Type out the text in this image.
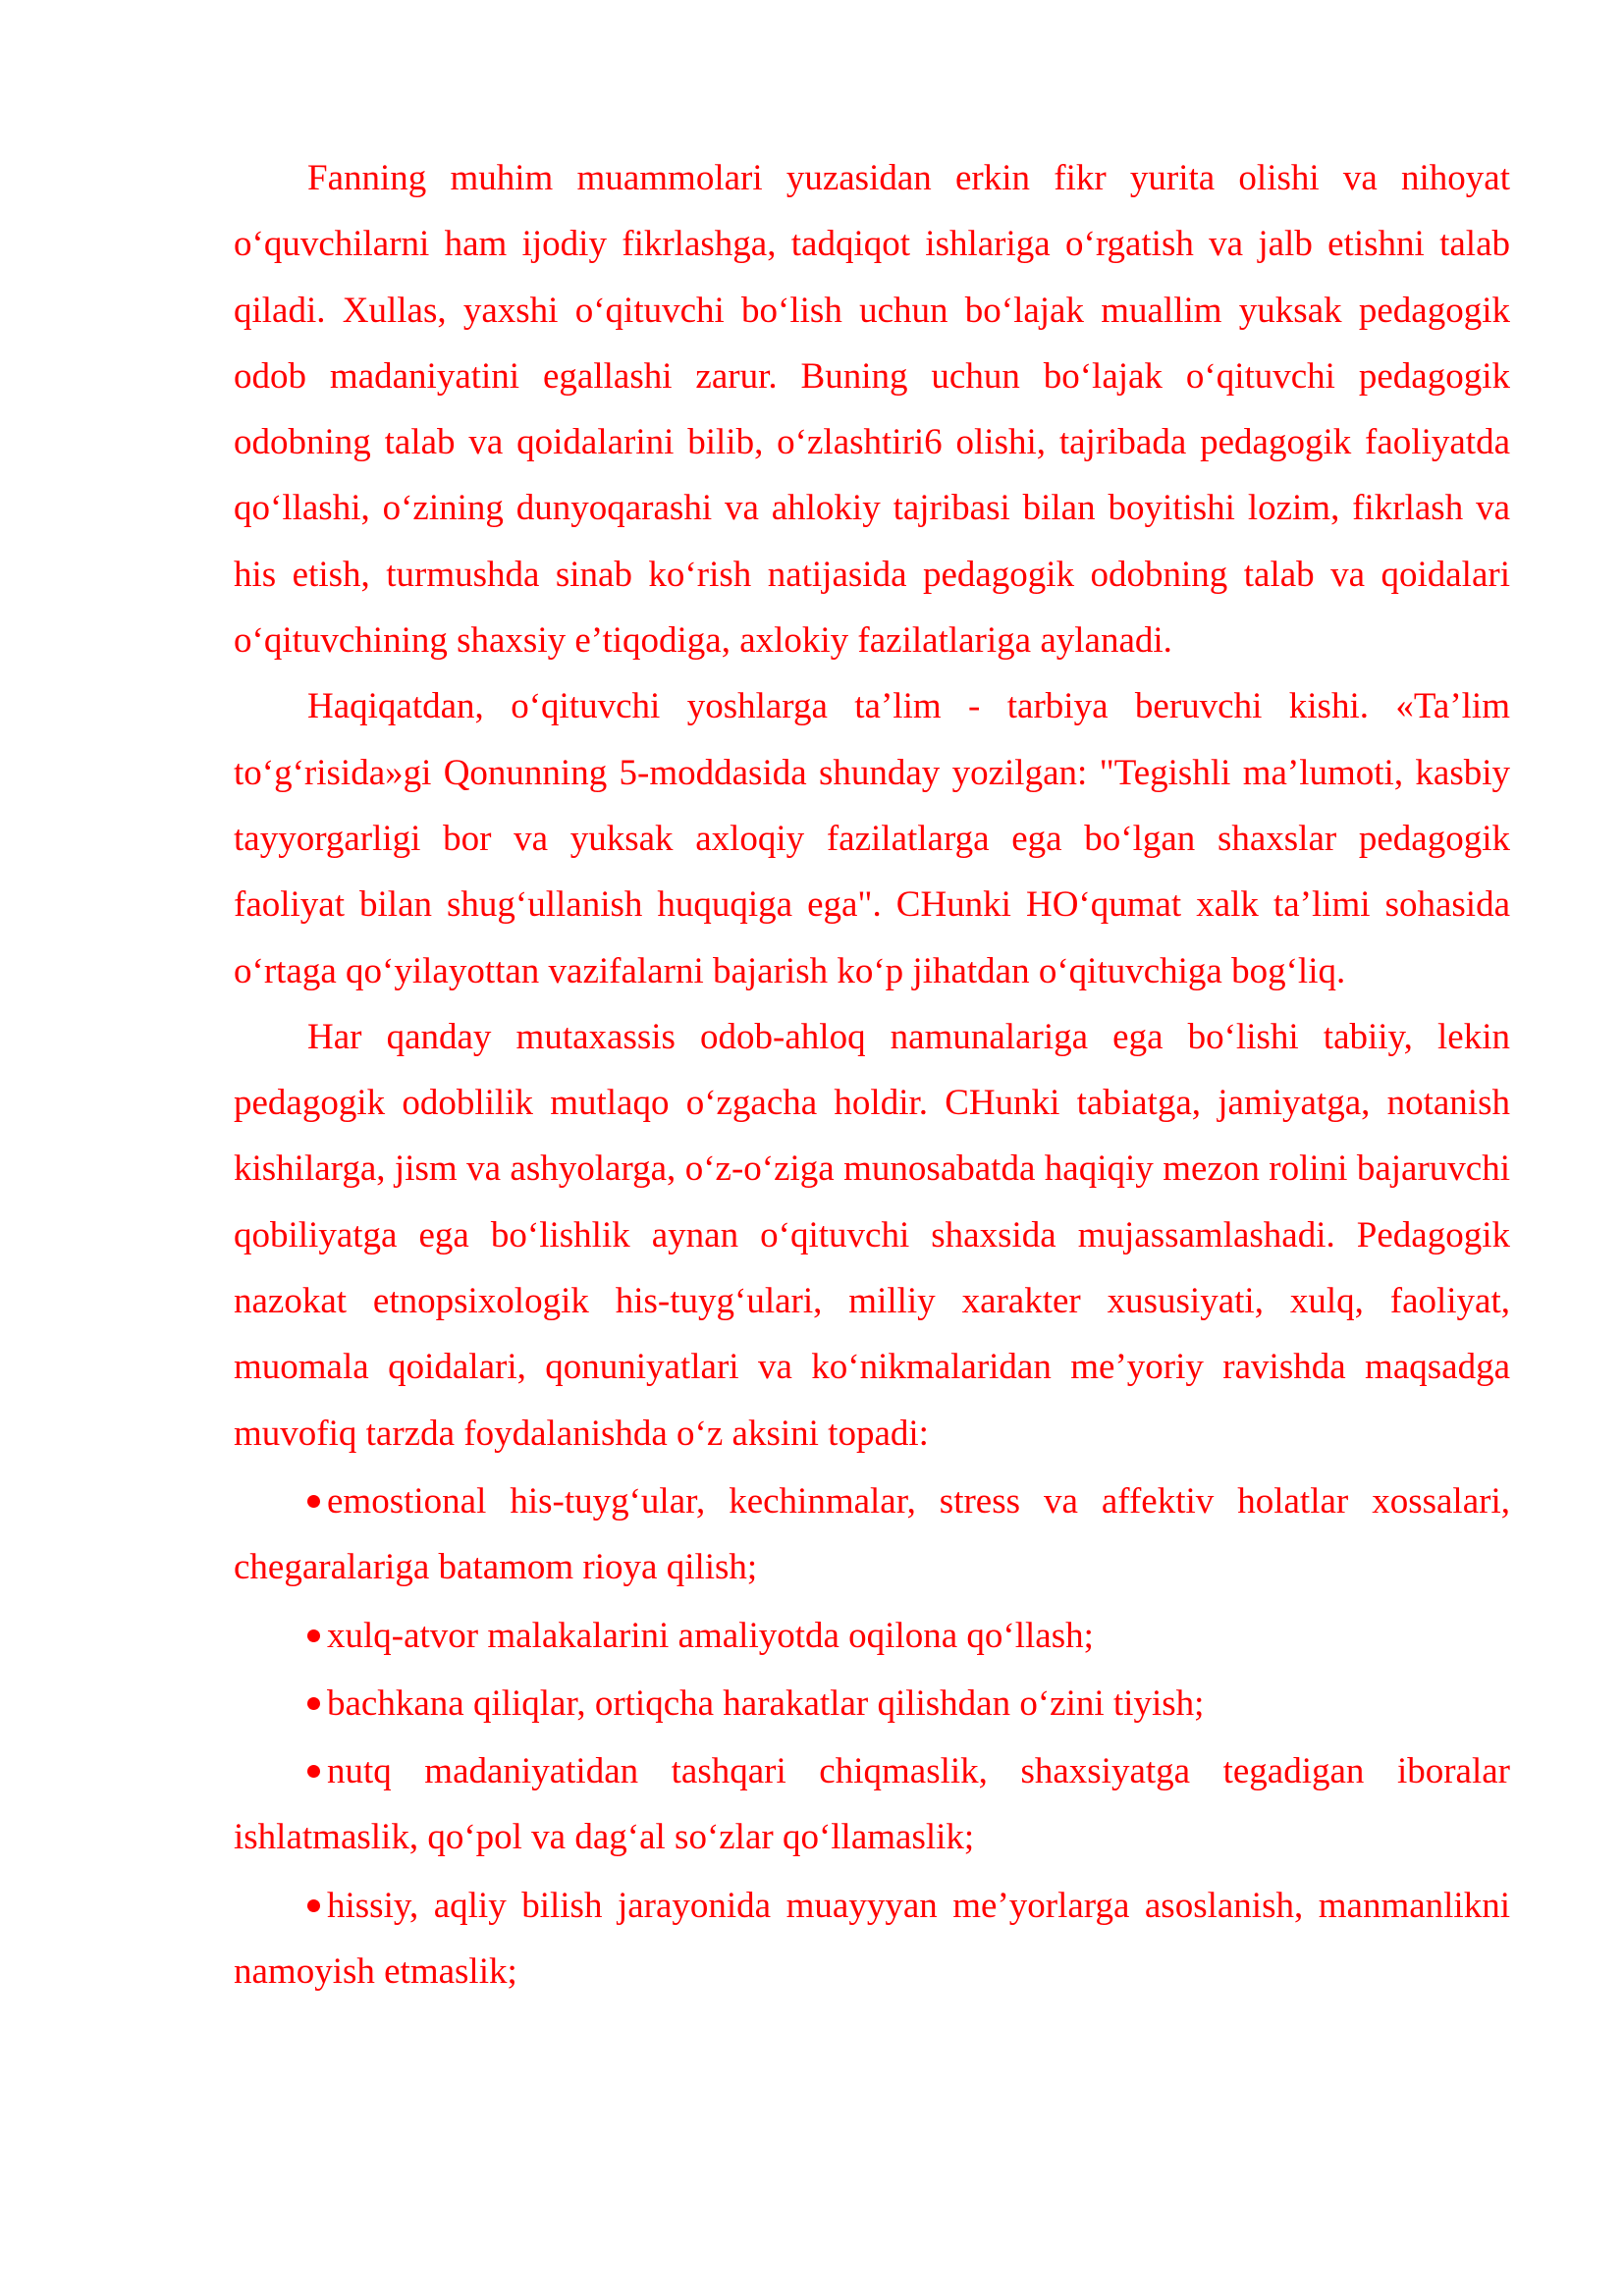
Fanning muhim muammolari yuzasidan erkin fikr yurita olishi va nihoyat o‘quvchilarni ham ijodiy fikrlashga, tadqiqot ishlariga o‘rgatish va jalb etishni talab qiladi. Xullas, yaxshi o‘qituvchi bo‘lish uchun bo‘lajak muallim yuksak pedagogik odob madaniyatini egallashi zarur. Buning uchun bo‘lajak o‘qituvchi pedagogik odobning talab va qoidalarini bilib, o‘zlashtiri6 olishi, tajribada pedagogik faoliyatda qo‘llashi, o‘zining dunyoqarashi va ahlokiy tajribasi bilan boyitishi lozim, fikrlash va his etish, turmushda sinab ko‘rish natijasida pedagogik odobning talab va qoidalari o‘qituvchining shaxsiy e’tiqodiga, axlokiy fazilatlariga aylanadi.

Haqiqatdan, o‘qituvchi yoshlarga ta’lim - tarbiya beruvchi kishi. «Ta’lim to‘g‘risida»gi Qonunning 5-moddasida shunday yozilgan: "Tegishli ma’lumoti, kasbiy tayyorgarligi bor va yuksak axloqiy fazilatlarga ega bo‘lgan shaxslar pedagogik faoliyat bilan shug‘ullanish huquqiga ega". CHunki HO‘qumat xalk ta’limi sohasida o‘rtaga qo‘yilayottan vazifalarni bajarish ko‘p jihatdan o‘qituvchiga bog‘liq.

Har qanday mutaxassis odob-ahloq namunalariga ega bo‘lishi tabiiy, lekin pedagogik odoblilik mutlaqo o‘zgacha holdir. CHunki tabiatga, jamiyatga, notanish kishilarga, jism va ashyolarga, o‘z-o‘ziga munosabatda haqiqiy mezon rolini bajaruvchi qobiliyatga ega bo‘lishlik aynan o‘qituvchi shaxsida mujassamlashadi. Pedagogik nazokat etnopsixologik his-tuyg‘ulari, milliy xarakter xususiyati, xulq, faoliyat, muomala qoidalari, qonuniyatlari va ko‘nikmalaridan me’yoriy ravishda maqsadga muvofiq tarzda foydalanishda o‘z aksini topadi:

emostional his-tuyg‘ular, kechinmalar, stress va affektiv holatlar xossalari, chegaralariga batamom rioya qilish;
xulq-atvor malakalarini amaliyotda oqilona qo‘llash;
bachkana qiliqlar, ortiqcha harakatlar qilishdan o‘zini tiyish;
nutq madaniyatidan tashqari chiqmaslik, shaxsiyatga tegadigan iboralar ishlatmaslik, qo‘pol va dag‘al so‘zlar qo‘llamaslik;
hissiy, aqliy bilish jarayonida muayyyan me’yorlarga asoslanish, manmanlikni namoyish etmaslik;
